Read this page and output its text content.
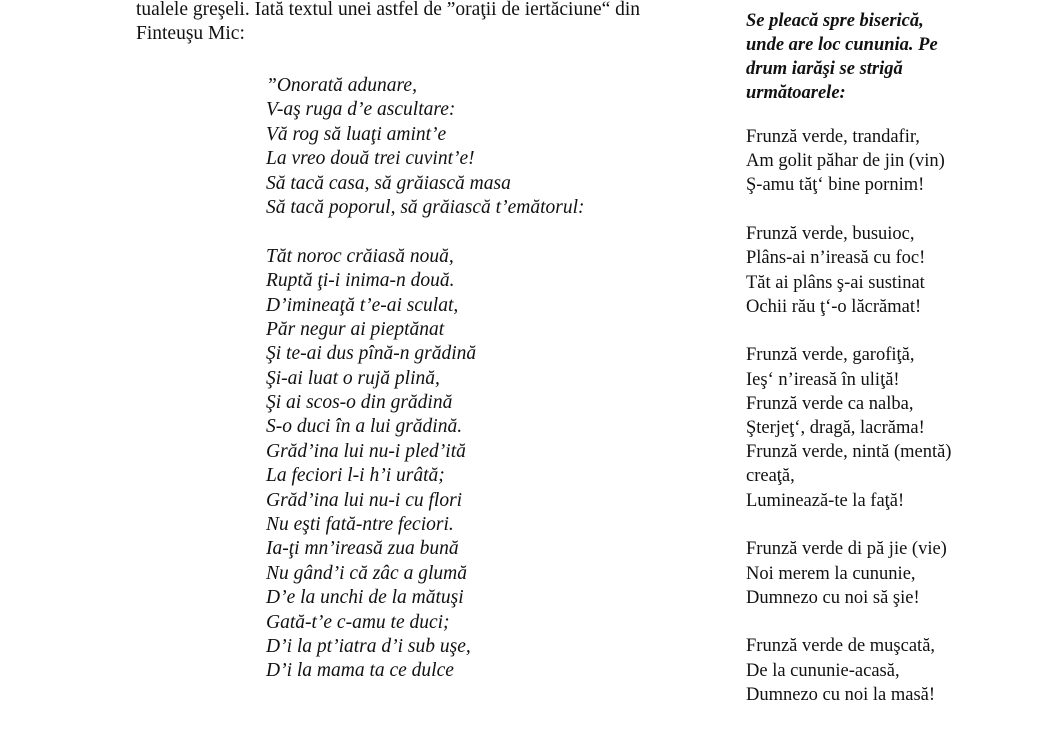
tualele greşeli. Iată textul unei astfel de ”oraţii de iertăciune“ din
Finteuşu Mic:
”Onorată adunare,
V-aş ruga d’e ascultare:
Vă rog să luaţi amint’e
La vreo două trei cuvint’e!
Să tacă casa, să grăiască masa
Să tacă poporul, să grăiască t’emătorul:
Tăt noroc crăiasă nouă,
Ruptă ţi-i inima-n două.
D’imineaţă t’e-ai sculat,
Păr negur ai pieptănat
Şi te-ai dus pînă-n grădină
Şi-ai luat o rujă plină,
Şi ai scos-o din grădină
S-o duci în a lui grădină.
Grăd’ina lui nu-i pled’ită
La feciori l-i h’i urâtă;
Grăd’ina lui nu-i cu flori
Nu eşti fată-ntre feciori.
Ia-ţi mn’ireasă zua bună
Nu gând’i că zâc a glumă
D’e la unchi de la mătuşi
Gată-t’e c-amu te duci;
D’i la pt’iatra d’i sub uşe,
D’i la mama ta ce dulce
Se pleacă spre biserică,
unde are loc cununia. Pe
drum iarăşi se strigă
următoarele:
Frunză verde, trandafir,
Am golit păhar de jin (vin)
Ş-amu tăţ‘ bine pornim!
Frunză verde, busuioc,
Plâns-ai n’ireasă cu foc!
Tăt ai plâns ş-ai sustinat
Ochii rău ţ‘-o lăcrămat!
Frunză verde, garofiţă,
Ieş‘ n’ireasă în uliţă!
Frunză verde ca nalba,
Şterjeţ‘, dragă, lacrăma!
Frunză verde, nintă (mentă)
creaţă,
Luminează-te la faţă!
Frunză verde di pă jie (vie)
Noi merem la cununie,
Dumnezo cu noi să şie!
Frunză verde de muşcată,
De la cununie-acasă,
Dumnezo cu noi la masă!
